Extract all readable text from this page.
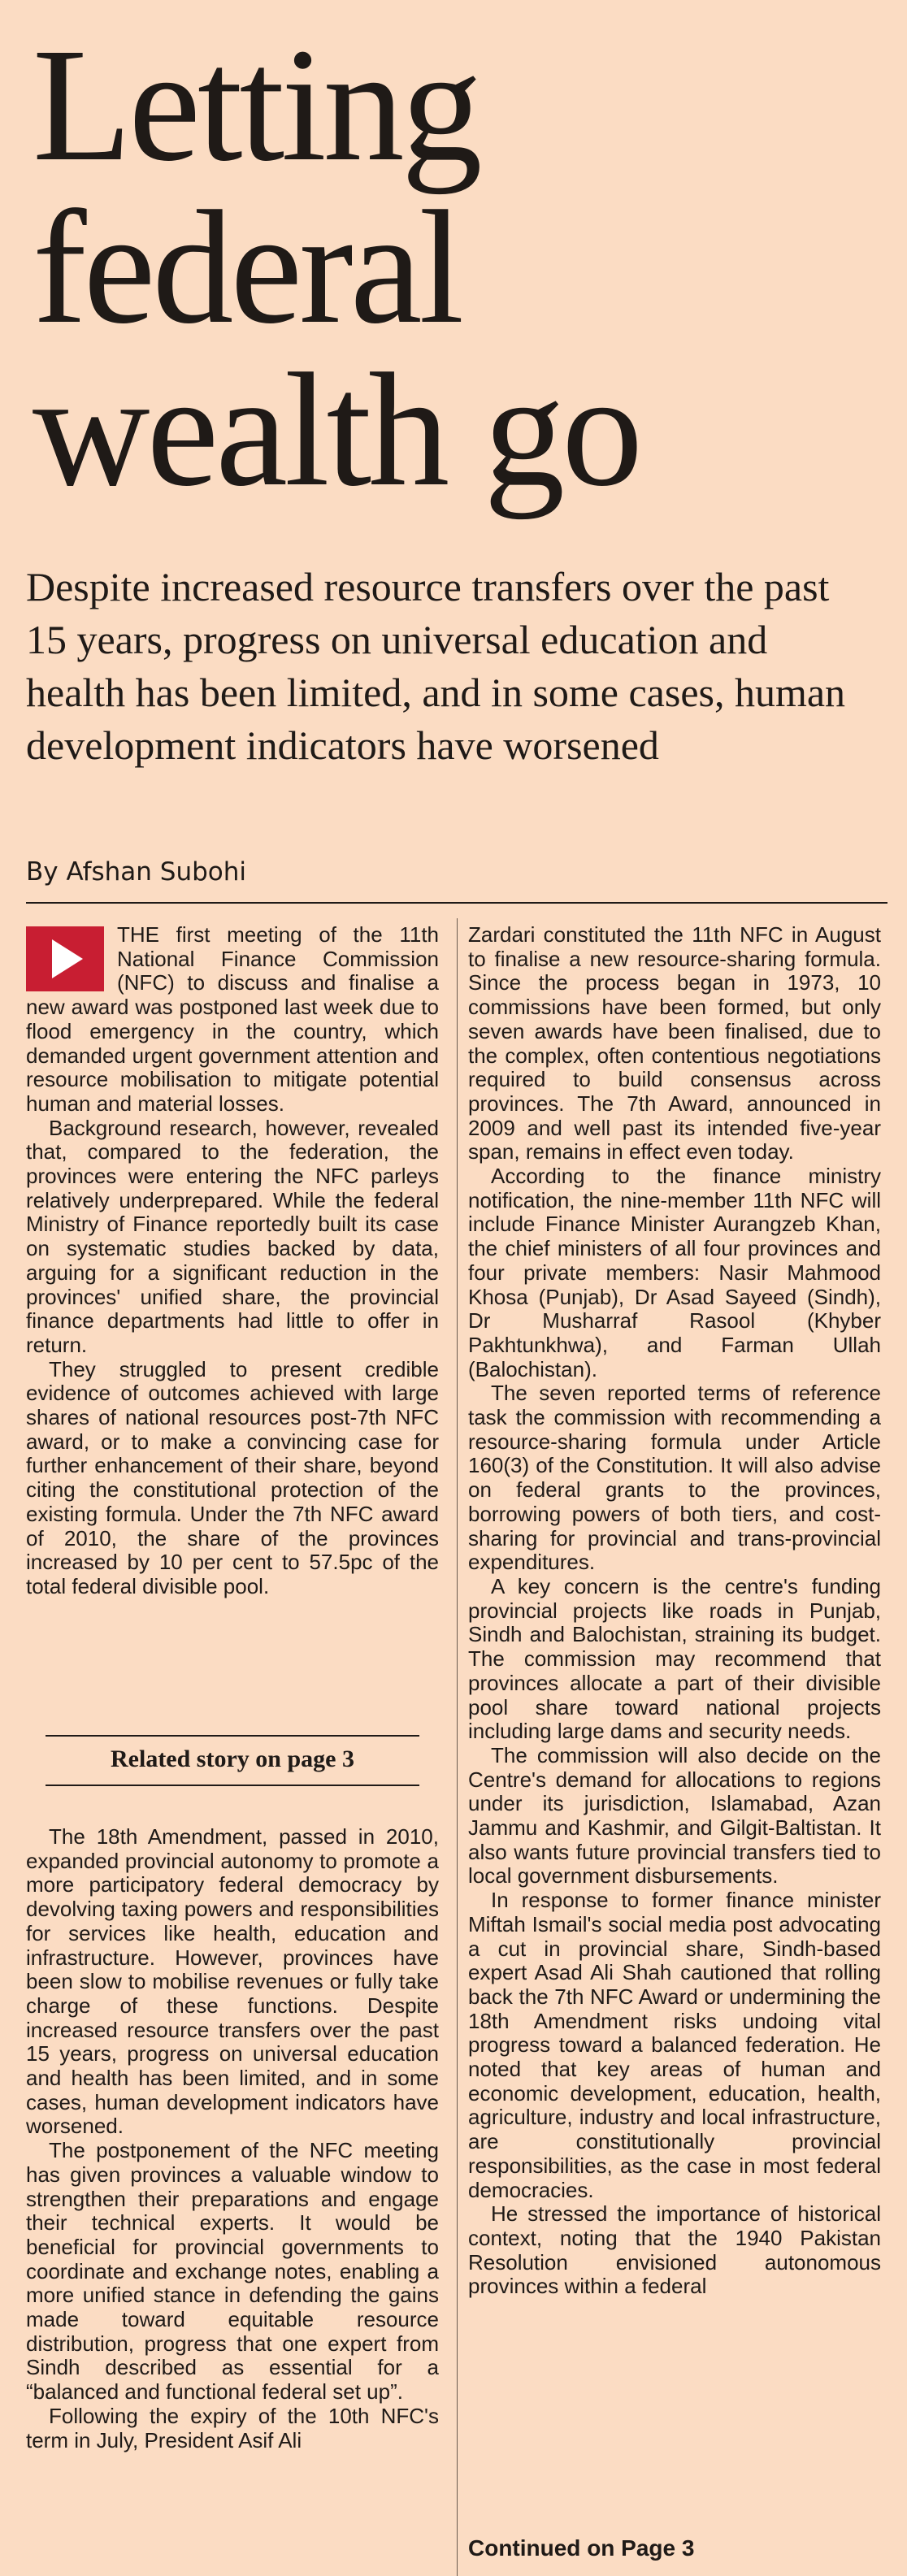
Letting
federal
wealth go

Despite increased resource transfers over the past 15 years, progress on universal education and health has been limited, and in some cases, human development indicators have worsened

By Afshan Subohi

THE first meeting of the 11th National Finance Commission (NFC) to discuss and finalise a new award was postponed last week due to flood emergency in the country, which demanded urgent government attention and resource mobilisation to mitigate potential human and material losses.

Background research, however, revealed that, compared to the federation, the provinces were entering the NFC parleys relatively underprepared. While the federal Ministry of Finance reportedly built its case on systematic studies backed by data, arguing for a significant reduction in the provinces' unified share, the provincial finance departments had little to offer in return.

They struggled to present credible evidence of outcomes achieved with large shares of national resources post-7th NFC award, or to make a convincing case for further enhancement of their share, beyond citing the constitutional protection of the existing formula. Under the 7th NFC award of 2010, the share of the provinces increased by 10 per cent to 57.5pc of the total federal divisible pool.

Related story on page 3

The 18th Amendment, passed in 2010, expanded provincial autonomy to promote a more participatory federal democracy by devolving taxing powers and responsibilities for services like health, education and infrastructure. However, provinces have been slow to mobilise revenues or fully take charge of these functions. Despite increased resource transfers over the past 15 years, progress on universal education and health has been limited, and in some cases, human development indicators have worsened.

The postponement of the NFC meeting has given provinces a valuable window to strengthen their preparations and engage their technical experts. It would be beneficial for provincial governments to coordinate and exchange notes, enabling a more unified stance in defending the gains made toward equitable resource distribution, progress that one expert from Sindh described as essential for a “balanced and functional federal set up”.

Following the expiry of the 10th NFC's term in July, President Asif Ali

Zardari constituted the 11th NFC in August to finalise a new resource-sharing formula. Since the process began in 1973, 10 commissions have been formed, but only seven awards have been finalised, due to the complex, often contentious negotiations required to build consensus across provinces. The 7th Award, announced in 2009 and well past its intended five-year span, remains in effect even today.

According to the finance ministry notification, the nine-member 11th NFC will include Finance Minister Aurangzeb Khan, the chief ministers of all four provinces and four private members: Nasir Mahmood Khosa (Punjab), Dr Asad Sayeed (Sindh), Dr Musharraf Rasool (Khyber Pakhtunkhwa), and Farman Ullah (Balochistan).

The seven reported terms of reference task the commission with recommending a resource-sharing formula under Article 160(3) of the Constitution. It will also advise on federal grants to the provinces, borrowing powers of both tiers, and cost-sharing for provincial and trans-provincial expenditures.

A key concern is the centre's funding provincial projects like roads in Punjab, Sindh and Balochistan, straining its budget. The commission may recommend that provinces allocate a part of their divisible pool share toward national projects including large dams and security needs.

The commission will also decide on the Centre's demand for allocations to regions under its jurisdiction, Islamabad, Azan Jammu and Kashmir, and Gilgit-Baltistan. It also wants future provincial transfers tied to local government disbursements.

In response to former finance minister Miftah Ismail's social media post advocating a cut in provincial share, Sindh-based expert Asad Ali Shah cautioned that rolling back the 7th NFC Award or undermining the 18th Amendment risks undoing vital progress toward a balanced federation. He noted that key areas of human and economic development, education, health, agriculture, industry and local infrastructure, are constitutionally provincial responsibilities, as the case in most federal democracies.

He stressed the importance of historical context, noting that the 1940 Pakistan Resolution envisioned autonomous provinces within a federal

Continued on Page 3
